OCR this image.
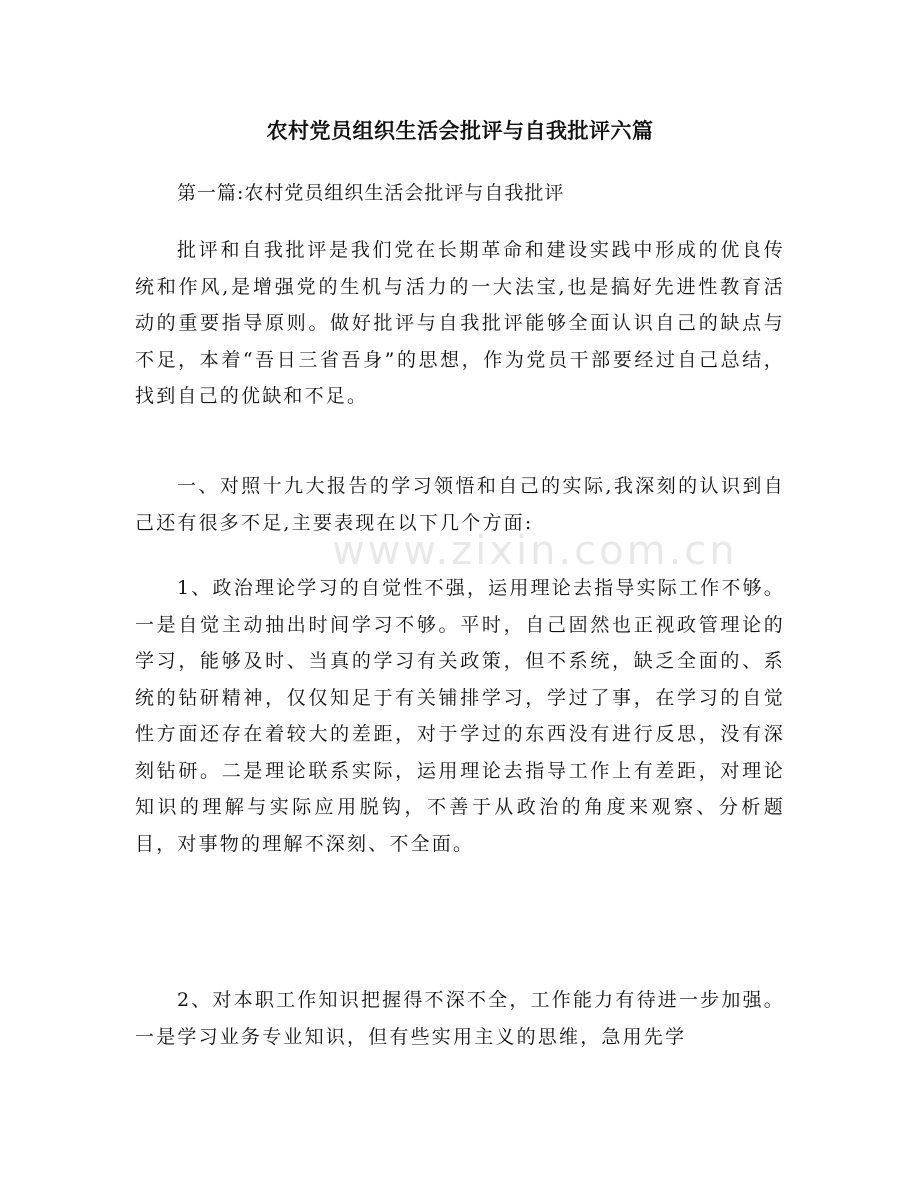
农村党员组织生活会批评与自我批评六篇
第一篇:农村党员组织生活会批评与自我批评

批评和自我批评是我们党在长期革命和建设实践中形成的优良传统和作风,是增强党的生机与活力的一大法宝,也是搞好先进性教育活动的重要指导原则。做好批评与自我批评能够全面认识自己的缺点与不足，本着“吾日三省吾身”的思想，作为党员干部要经过自己总结，找到自己的优缺和不足。

一、对照十九大报告的学习领悟和自己的实际,我深刻的认识到自己还有很多不足,主要表现在以下几个方面:

1、政治理论学习的自觉性不强，运用理论去指导实际工作不够。一是自觉主动抽出时间学习不够。平时，自己固然也正视政管理论的学习，能够及时、当真的学习有关政策，但不系统，缺乏全面的、系统的钻研精神，仅仅知足于有关铺排学习，学过了事，在学习的自觉性方面还存在着较大的差距，对于学过的东西没有进行反思，没有深刻钻研。二是理论联系实际，运用理论去指导工作上有差距，对理论知识的理解与实际应用脱钩，不善于从政治的角度来观察、分析题目，对事物的理解不深刻、不全面。

2、对本职工作知识把握得不深不全，工作能力有待进一步加强。一是学习业务专业知识，但有些实用主义的思维，急用先学

www.zixin.com.cn
